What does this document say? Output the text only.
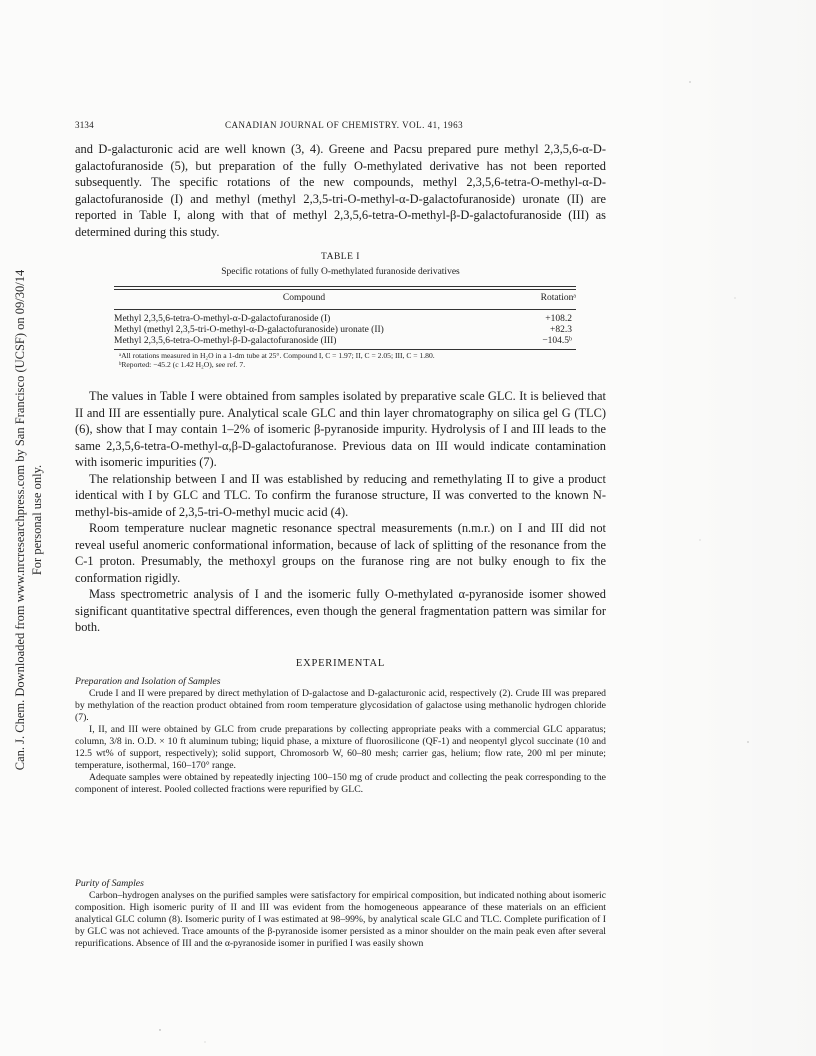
Can. J. Chem. Downloaded from www.nrcresearchpress.com by San Francisco (UCSF) on 09/30/14 For personal use only.
3134	CANADIAN JOURNAL OF CHEMISTRY. VOL. 41, 1963

and D-galacturonic acid are well known (3, 4). Greene and Pacsu prepared pure methyl 2,3,5,6-α-D-galactofuranoside (5), but preparation of the fully O-methylated derivative has not been reported subsequently. The specific rotations of the new compounds, methyl 2,3,5,6-tetra-O-methyl-α-D-galactofuranoside (I) and methyl (methyl 2,3,5-tri-O-methyl-α-D-galactofuranoside) uronate (II) are reported in Table I, along with that of methyl 2,3,5,6-tetra-O-methyl-β-D-galactofuranoside (III) as determined during this study.

TABLE I
Specific rotations of fully O-methylated furanoside derivatives
Compound	Rotationᵃ
Methyl 2,3,5,6-tetra-O-methyl-α-D-galactofuranoside (I)	+108.2
Methyl (methyl 2,3,5-tri-O-methyl-α-D-galactofuranoside) uronate (II)	+82.3
Methyl 2,3,5,6-tetra-O-methyl-β-D-galactofuranoside (III)	−104.5ᵇ
ᵃAll rotations measured in H₂O in a 1-dm tube at 25°. Compound I, C = 1.97; II, C = 2.05; III, C = 1.80.
ᵇReported: −45.2 (c 1.42 H₂O), see ref. 7.

The values in Table I were obtained from samples isolated by preparative scale GLC. It is believed that II and III are essentially pure. Analytical scale GLC and thin layer chromatography on silica gel G (TLC) (6), show that I may contain 1–2% of isomeric β-pyranoside impurity. Hydrolysis of I and III leads to the same 2,3,5,6-tetra-O-methyl-α,β-D-galactofuranose. Previous data on III would indicate contamination with isomeric impurities (7).

The relationship between I and II was established by reducing and remethylating II to give a product identical with I by GLC and TLC. To confirm the furanose structure, II was converted to the known N-methyl-bis-amide of 2,3,5-tri-O-methyl mucic acid (4).

Room temperature nuclear magnetic resonance spectral measurements (n.m.r.) on I and III did not reveal useful anomeric conformational information, because of lack of splitting of the resonance from the C-1 proton. Presumably, the methoxyl groups on the furanose ring are not bulky enough to fix the conformation rigidly.

Mass spectrometric analysis of I and the isomeric fully O-methylated α-pyranoside isomer showed significant quantitative spectral differences, even though the general fragmentation pattern was similar for both.

EXPERIMENTAL

Preparation and Isolation of Samples

Crude I and II were prepared by direct methylation of D-galactose and D-galacturonic acid, respectively (2). Crude III was prepared by methylation of the reaction product obtained from room temperature glycosidation of galactose using methanolic hydrogen chloride (7).

I, II, and III were obtained by GLC from crude preparations by collecting appropriate peaks with a commercial GLC apparatus; column, 3/8 in. O.D. × 10 ft aluminum tubing; liquid phase, a mixture of fluorosilicone (QF-1) and neopentyl glycol succinate (10 and 12.5 wt% of support, respectively); solid support, Chromosorb W, 60–80 mesh; carrier gas, helium; flow rate, 200 ml per minute; temperature, isothermal, 160–170° range.

Adequate samples were obtained by repeatedly injecting 100–150 mg of crude product and collecting the peak corresponding to the component of interest. Pooled collected fractions were repurified by GLC.

Purity of Samples

Carbon–hydrogen analyses on the purified samples were satisfactory for empirical composition, but indicated nothing about isomeric composition. High isomeric purity of II and III was evident from the homogeneous appearance of these materials on an efficient analytical GLC column (8). Isomeric purity of I was estimated at 98–99%, by analytical scale GLC and TLC. Complete purification of I by GLC was not achieved. Trace amounts of the β-pyranoside isomer persisted as a minor shoulder on the main peak even after several repurifications. Absence of III and the α-pyranoside isomer in purified I was easily shown
